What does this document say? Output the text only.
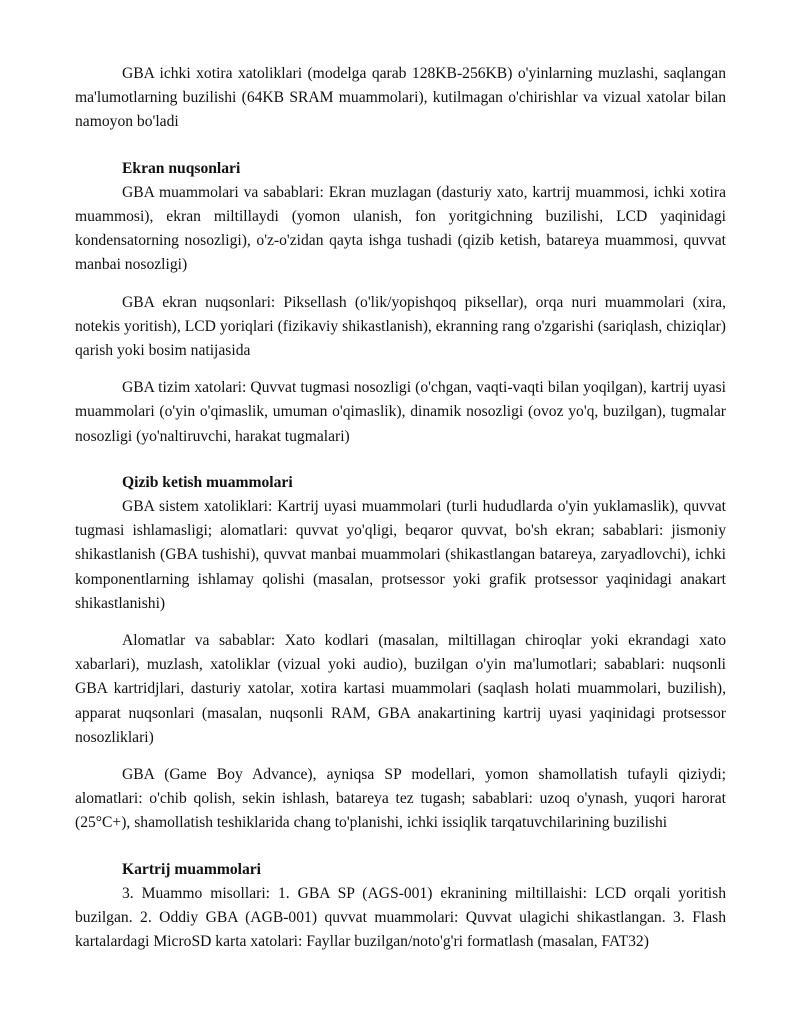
GBA ichki xotira xatoliklari (modelga qarab 128KB-256KB) o'yinlarning muzlashi, saqlangan ma'lumotlarning buzilishi (64KB SRAM muammolari), kutilmagan o'chirishlar va vizual xatolar bilan namoyon bo'ladi

Ekran nuqsonlari

GBA muammolari va sabablari: Ekran muzlagan (dasturiy xato, kartrij muammosi, ichki xotira muammosi), ekran miltillaydi (yomon ulanish, fon yoritgichning buzilishi, LCD yaqinidagi kondensatorning nosozligi), o'z-o'zidan qayta ishga tushadi (qizib ketish, batareya muammosi, quvvat manbai nosozligi)

GBA ekran nuqsonlari: Piksellash (o'lik/yopishqoq piksellar), orqa nuri muammolari (xira, notekis yoritish), LCD yoriqlari (fizikaviy shikastlanish), ekranning rang o'zgarishi (sariqlash, chiziqlar) qarish yoki bosim natijasida

GBA tizim xatolari: Quvvat tugmasi nosozligi (o'chgan, vaqti-vaqti bilan yoqilgan), kartrij uyasi muammolari (o'yin o'qimaslik, umuman o'qimaslik), dinamik nosozligi (ovoz yo'q, buzilgan), tugmalar nosozligi (yo'naltiruvchi, harakat tugmalari)

Qizib ketish muammolari

GBA sistem xatoliklari: Kartrij uyasi muammolari (turli hududlarda o'yin yuklamaslik), quvvat tugmasi ishlamasligi; alomatlari: quvvat yo'qligi, beqaror quvvat, bo'sh ekran; sabablari: jismoniy shikastlanish (GBA tushishi), quvvat manbai muammolari (shikastlangan batareya, zaryadlovchi), ichki komponentlarning ishlamay qolishi (masalan, protsessor yoki grafik protsessor yaqinidagi anakart shikastlanishi)

Alomatlar va sabablar: Xato kodlari (masalan, miltillagan chiroqlar yoki ekrandagi xato xabarlari), muzlash, xatoliklar (vizual yoki audio), buzilgan o'yin ma'lumotlari; sabablari: nuqsonli GBA kartridjlari, dasturiy xatolar, xotira kartasi muammolari (saqlash holati muammolari, buzilish), apparat nuqsonlari (masalan, nuqsonli RAM, GBA anakartining kartrij uyasi yaqinidagi protsessor nosozliklari)

GBA (Game Boy Advance), ayniqsa SP modellari, yomon shamollatish tufayli qiziydi; alomatlari: o'chib qolish, sekin ishlash, batareya tez tugash; sabablari: uzoq o'ynash, yuqori harorat (25°C+), shamollatish teshiklarida chang to'planishi, ichki issiqlik tarqatuvchilarining buzilishi

Kartrij muammolari

3. Muammo misollari: 1. GBA SP (AGS-001) ekranining miltillaishi: LCD orqali yoritish buzilgan. 2. Oddiy GBA (AGB-001) quvvat muammolari: Quvvat ulagichi shikastlangan. 3. Flash kartalardagi MicroSD karta xatolari: Fayllar buzilgan/noto'g'ri formatlash (masalan, FAT32)
